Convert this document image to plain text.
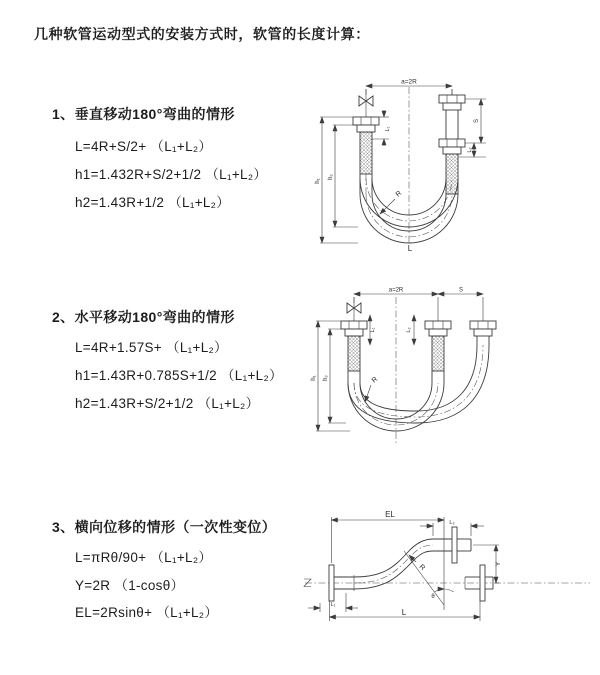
几种软管运动型式的安装方式时，软管的长度计算：
1、垂直移动180°弯曲的情形
L=4R+S/2+ （L₁+L₂）
h1=1.432R+S/2+1/2 （L₁+L₂）
h2=1.43R+1/2 （L₁+L₂）
2、水平移动180°弯曲的情形
L=4R+1.57S+ （L₁+L₂）
h1=1.43R+0.785S+1/2 （L₁+L₂）
h2=1.43R+S/2+1/2 （L₁+L₂）
3、横向位移的情形（一次性变位）
L=πRθ/90+ （L₁+L₂）
Y=2R （1-cosθ）
EL=2Rsinθ+ （L₁+L₂）
a=2R
h₁
h₂
L₁
S
L₂
R
L
a=2R	S
h₁ h₂
L₁	L₂
R
EL
L₂
Y
θ
R
L₁
L
